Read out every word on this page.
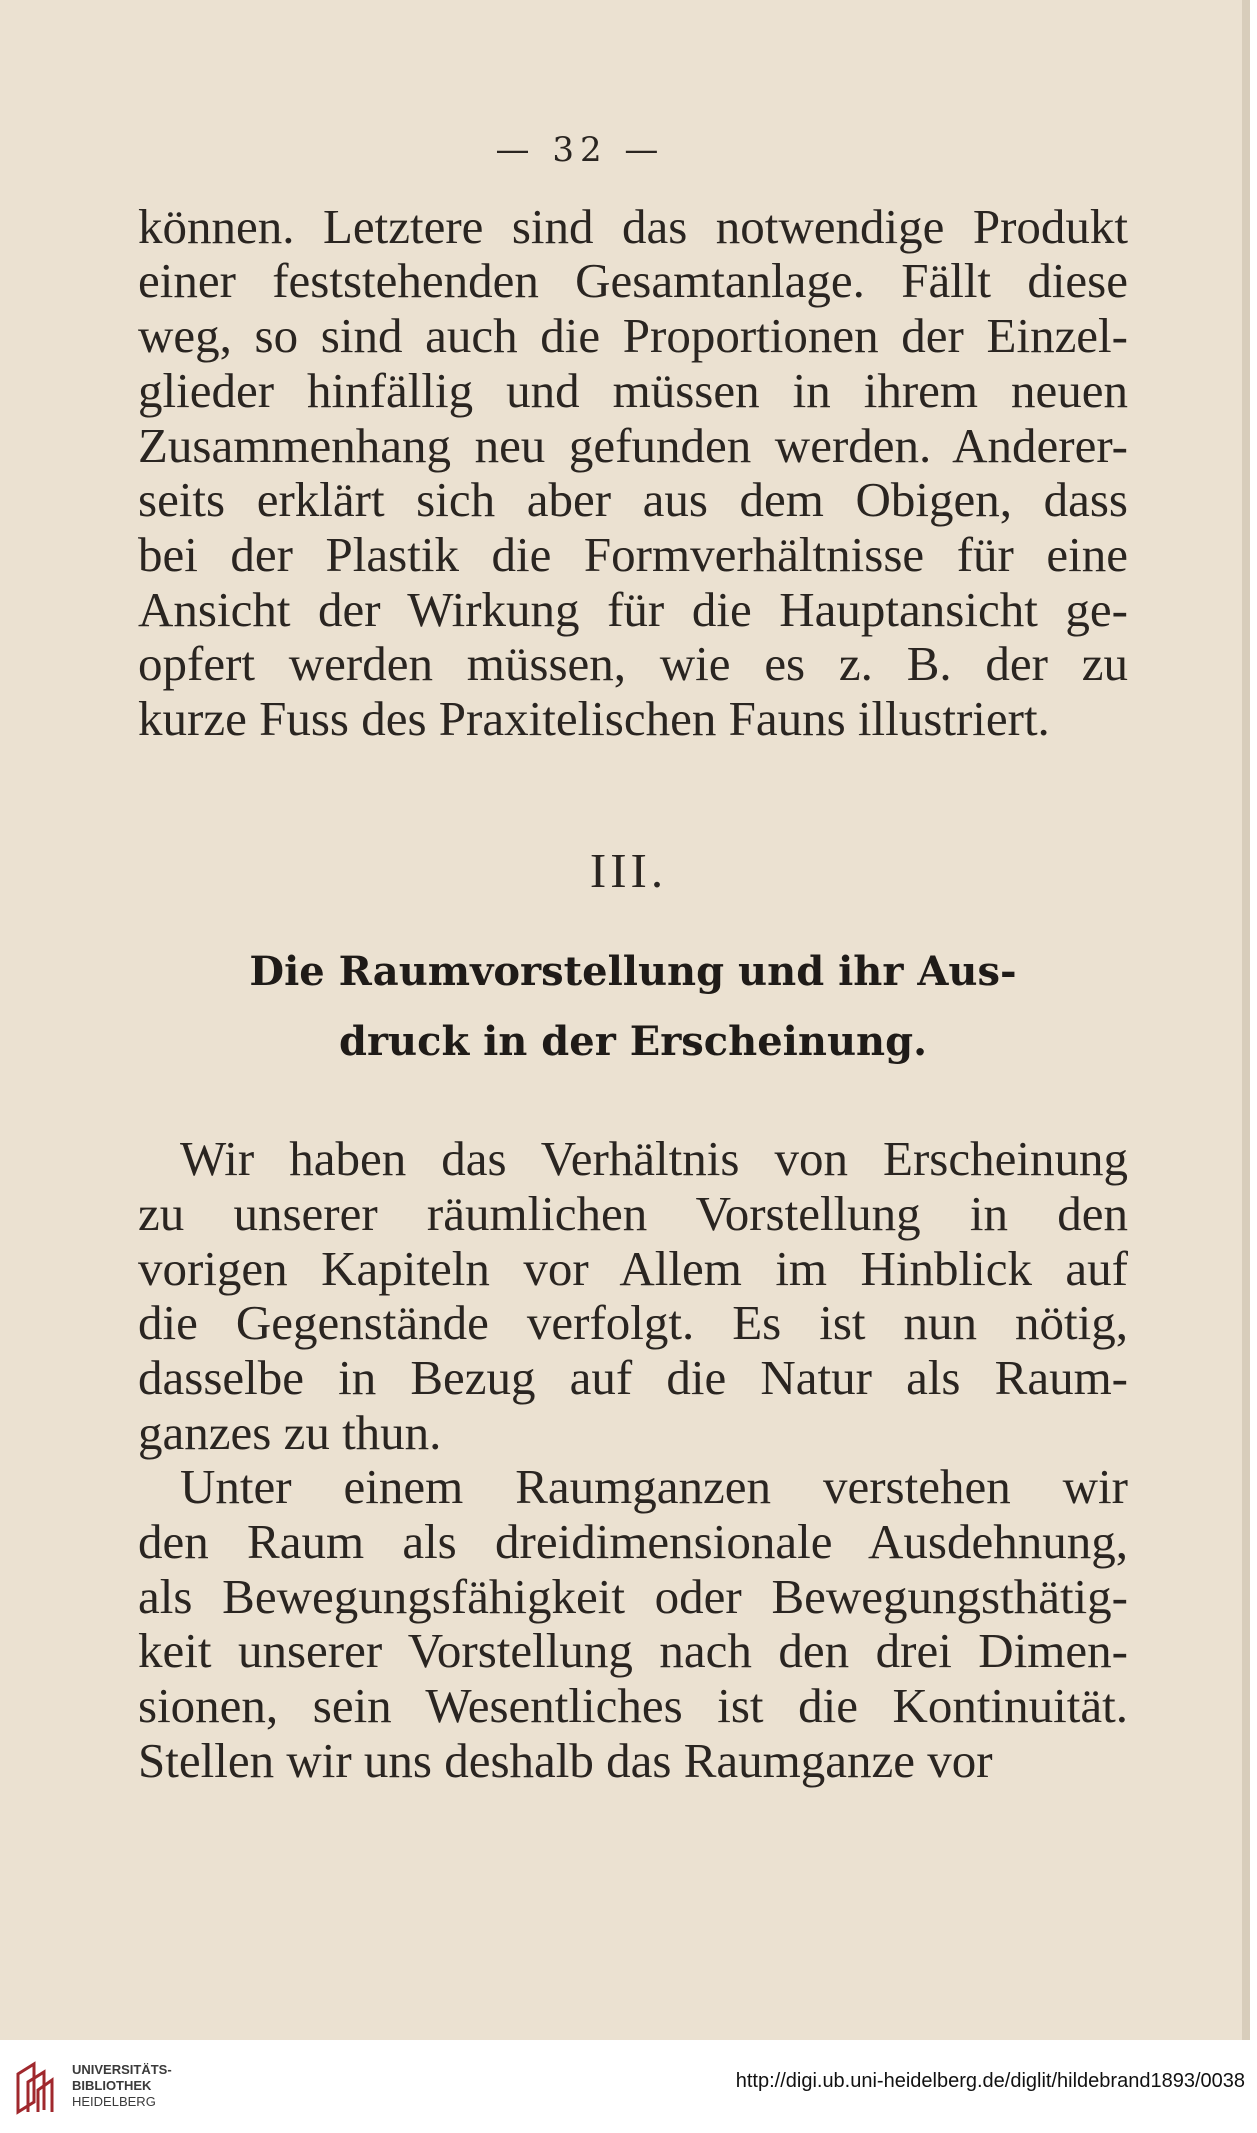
— 32 —
können. Letztere sind das notwendige Produkt
einer feststehenden Gesamtanlage. Fällt diese
weg, so sind auch die Proportionen der Einzel-
glieder hinfällig und müssen in ihrem neuen
Zusammenhang neu gefunden werden. Anderer-
seits erklärt sich aber aus dem Obigen, dass
bei der Plastik die Formverhältnisse für eine
Ansicht der Wirkung für die Hauptansicht ge-
opfert werden müssen, wie es z. B. der zu
kurze Fuss des Praxitelischen Fauns illustriert.
III.
Die Raumvorstellung und ihr Aus-
druck in der Erscheinung.
Wir haben das Verhältnis von Erscheinung
zu unserer räumlichen Vorstellung in den
vorigen Kapiteln vor Allem im Hinblick auf
die Gegenstände verfolgt. Es ist nun nötig,
dasselbe in Bezug auf die Natur als Raum-
ganzes zu thun.
Unter einem Raumganzen verstehen wir
den Raum als dreidimensionale Ausdehnung,
als Bewegungsfähigkeit oder Bewegungsthätig-
keit unserer Vorstellung nach den drei Dimen-
sionen, sein Wesentliches ist die Kontinuität.
Stellen wir uns deshalb das Raumganze vor
UNIVERSITÄTS-
BIBLIOTHEK
HEIDELBERG
http://digi.ub.uni-heidelberg.de/diglit/hildebrand1893/0038
